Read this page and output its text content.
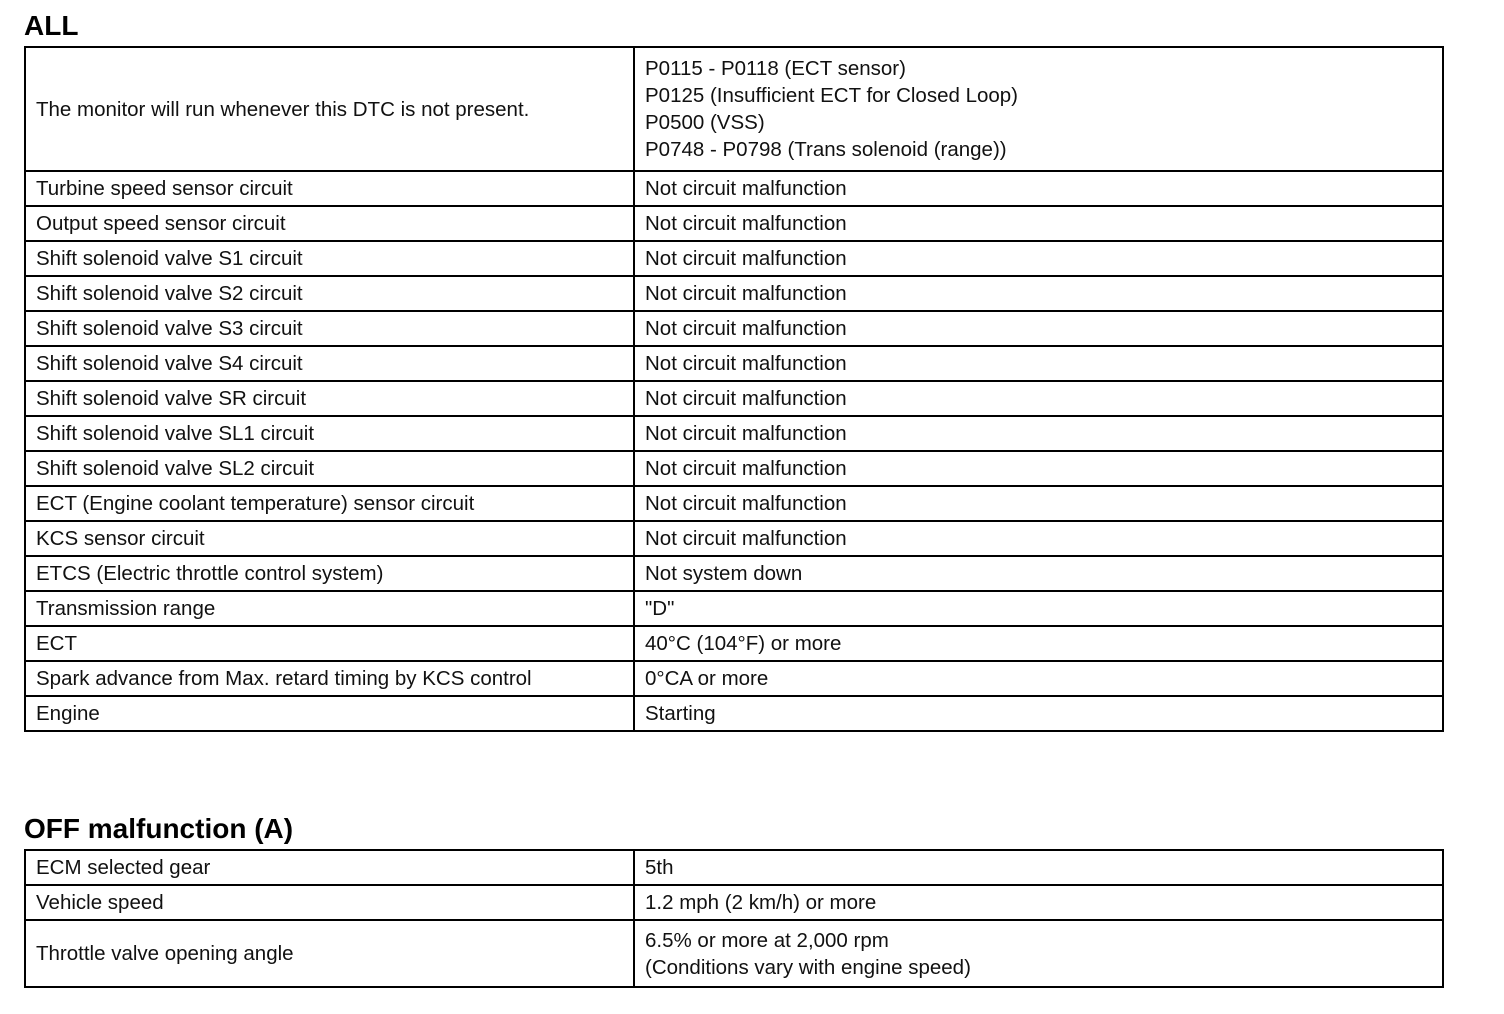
ALL
The monitor will run whenever this DTC is not present.	P0115 - P0118 (ECT sensor)
P0125 (Insufficient ECT for Closed Loop)
P0500 (VSS)
P0748 - P0798 (Trans solenoid (range))

Turbine speed sensor circuit	Not circuit malfunction

Output speed sensor circuit	Not circuit malfunction

Shift solenoid valve S1 circuit	Not circuit malfunction

Shift solenoid valve S2 circuit	Not circuit malfunction

Shift solenoid valve S3 circuit	Not circuit malfunction

Shift solenoid valve S4 circuit	Not circuit malfunction

Shift solenoid valve SR circuit	Not circuit malfunction

Shift solenoid valve SL1 circuit	Not circuit malfunction

Shift solenoid valve SL2 circuit	Not circuit malfunction

ECT (Engine coolant temperature) sensor circuit	Not circuit malfunction

KCS sensor circuit	Not circuit malfunction

ETCS (Electric throttle control system)	Not system down

Transmission range	"D"

ECT	40°C (104°F) or more

Spark advance from Max. retard timing by KCS control	0°CA or more

Engine	Starting
OFF malfunction (A)
ECM selected gear	5th

Vehicle speed	1.2 mph (2 km/h) or more

Throttle valve opening angle	6.5% or more at 2,000 rpm
(Conditions vary with engine speed)
